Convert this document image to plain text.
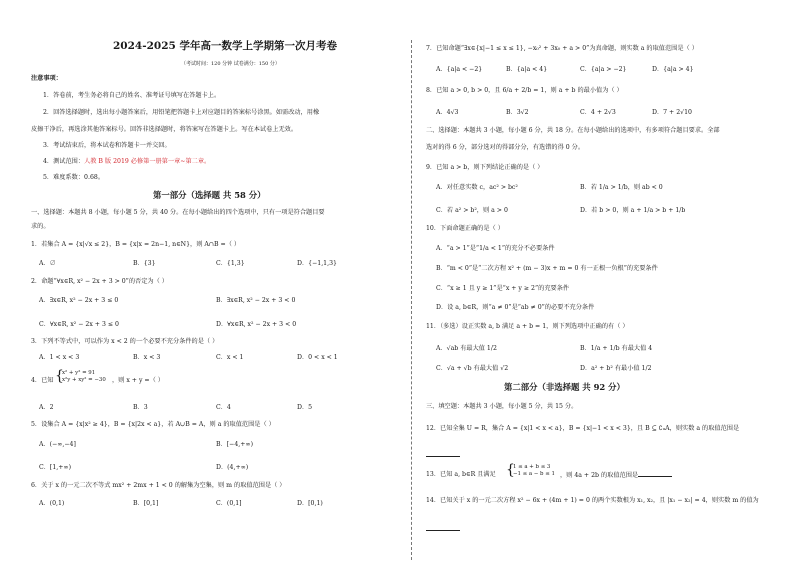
2024-2025 学年高一数学上学期第一次月考卷
（考试时间：120 分钟 试卷满分：150 分）
注意事项：
1．答卷前，考生务必将自己的姓名、准考证号填写在答题卡上。
2．回答选择题时，选出每小题答案后，用铅笔把答题卡上对应题目的答案标号涂黑。如需改动，用橡
皮擦干净后，再选涂其他答案标号。回答非选择题时，将答案写在答题卡上。写在本试卷上无效。
3．考试结束后，将本试卷和答题卡一并交回。
4．测试范围：人教 B 版 2019 必修第一册第一章~第二章。
5．难度系数：0.68。
第一部分（选择题 共 58 分）
一、选择题：本题共 8 小题，每小题 5 分，共 40 分。在每小题给出的四个选项中，只有一项是符合题目要
求的。
1．若集合 A = {x|√x ≤ 2}，B = {x|x = 2n−1, n∈N}，则 A∩B =（ ）
A．∅	B．{3}	C．{1,3}	D．{−1,1,3}
2．命题“∀x∈R, x² − 2x + 3 > 0”的否定为（ ）
A．∃x∈R, x² − 2x + 3 ≤ 0	B．∃x∈R, x² − 2x + 3 < 0
C．∀x∈R, x² − 2x + 3 ≤ 0	D．∀x∈R, x² − 2x + 3 < 0
3．下列不等式中，可以作为 x < 2 的一个必要不充分条件的是（ ）
A．1 < x < 3	B．x < 3	C．x < 1	D．0 < x < 1
4．已知 {
x² + y² = 91
x²y + xy² = −30 ，则 x + y =（ ）
A．2	B．3	C．4	D．5
5．设集合 A = {x|x² ≥ 4}，B = {x|2x < a}，若 A∪B = A，则 a 的取值范围是（ ）
A．(−∞,−4]	B．[−4,+∞)
C．[1,+∞)	D．(4,+∞)
6．关于 x 的一元二次不等式 mx² + 2mx + 1 < 0 的解集为空集，则 m 的取值范围是（ ）
A．(0,1)	B．[0,1]	C．(0,1]	D．[0,1)
7．已知命题“∃x∈{x|−1 ≤ x ≤ 1}, −x₀² + 3x₀ + a > 0”为真命题，则实数 a 的取值范围是（ ）
A．{a|a < −2}	B．{a|a < 4}	C．{a|a > −2}	D．{a|a > 4}
8．已知 a > 0, b > 0，且 6/a + 2/b = 1，则 a + b 的最小值为（ ）
A．4√3	B．3√2	C．4 + 2√3	D．7 + 2√10
二、选择题：本题共 3 小题，每小题 6 分，共 18 分。在每小题给出的选项中，有多项符合题目要求。全部
选对的得 6 分，部分选对的得部分分，有选错的得 0 分。
9．已知 a > b，则下列结论正确的是（ ）
A．对任意实数 c，ac² > bc²	B．若 1/a > 1/b，则 ab < 0
C．若 a² > b²，则 a > 0	D．若 b > 0，则 a + 1/a > b + 1/b
10．下面命题正确的是（ ）
A．“a > 1”是“1/a < 1”的充分不必要条件
B．“m < 0”是“二次方程 x² + (m − 3)x + m = 0 有一正根一负根”的充要条件
C．“x ≥ 1 且 y ≥ 1”是“x + y ≥ 2”的充要条件
D．设 a, b∈R，则“a ≠ 0”是“ab ≠ 0”的必要不充分条件
11．（多选）设正实数 a, b 满足 a + b = 1，则下列选项中正确的有（ ）
A．√ab 有最大值 1/2	B．1/a + 1/b 有最大值 4
C．√a + √b 有最大值 √2	D．a² + b² 有最小值 1/2
第二部分（非选择题 共 92 分）
三、填空题：本题共 3 小题，每小题 5 分，共 15 分。
12．已知全集 U = R，集合 A = {x|1 < x < a}，B = {x|−1 < x < 3}，且 B ⊆ ∁ᵤA，则实数 a 的取值范围是
13．已知 a, b∈R 且满足 {
1 ≤ a + b ≤ 3
−1 ≤ a − b ≤ 1 ，则 4a + 2b 的取值范围是
14．已知关于 x 的一元二次方程 x² − 6x + (4m + 1) = 0 的两个实数根为 x₁, x₂，且 |x₁ − x₂| = 4，则实数 m 的值为
